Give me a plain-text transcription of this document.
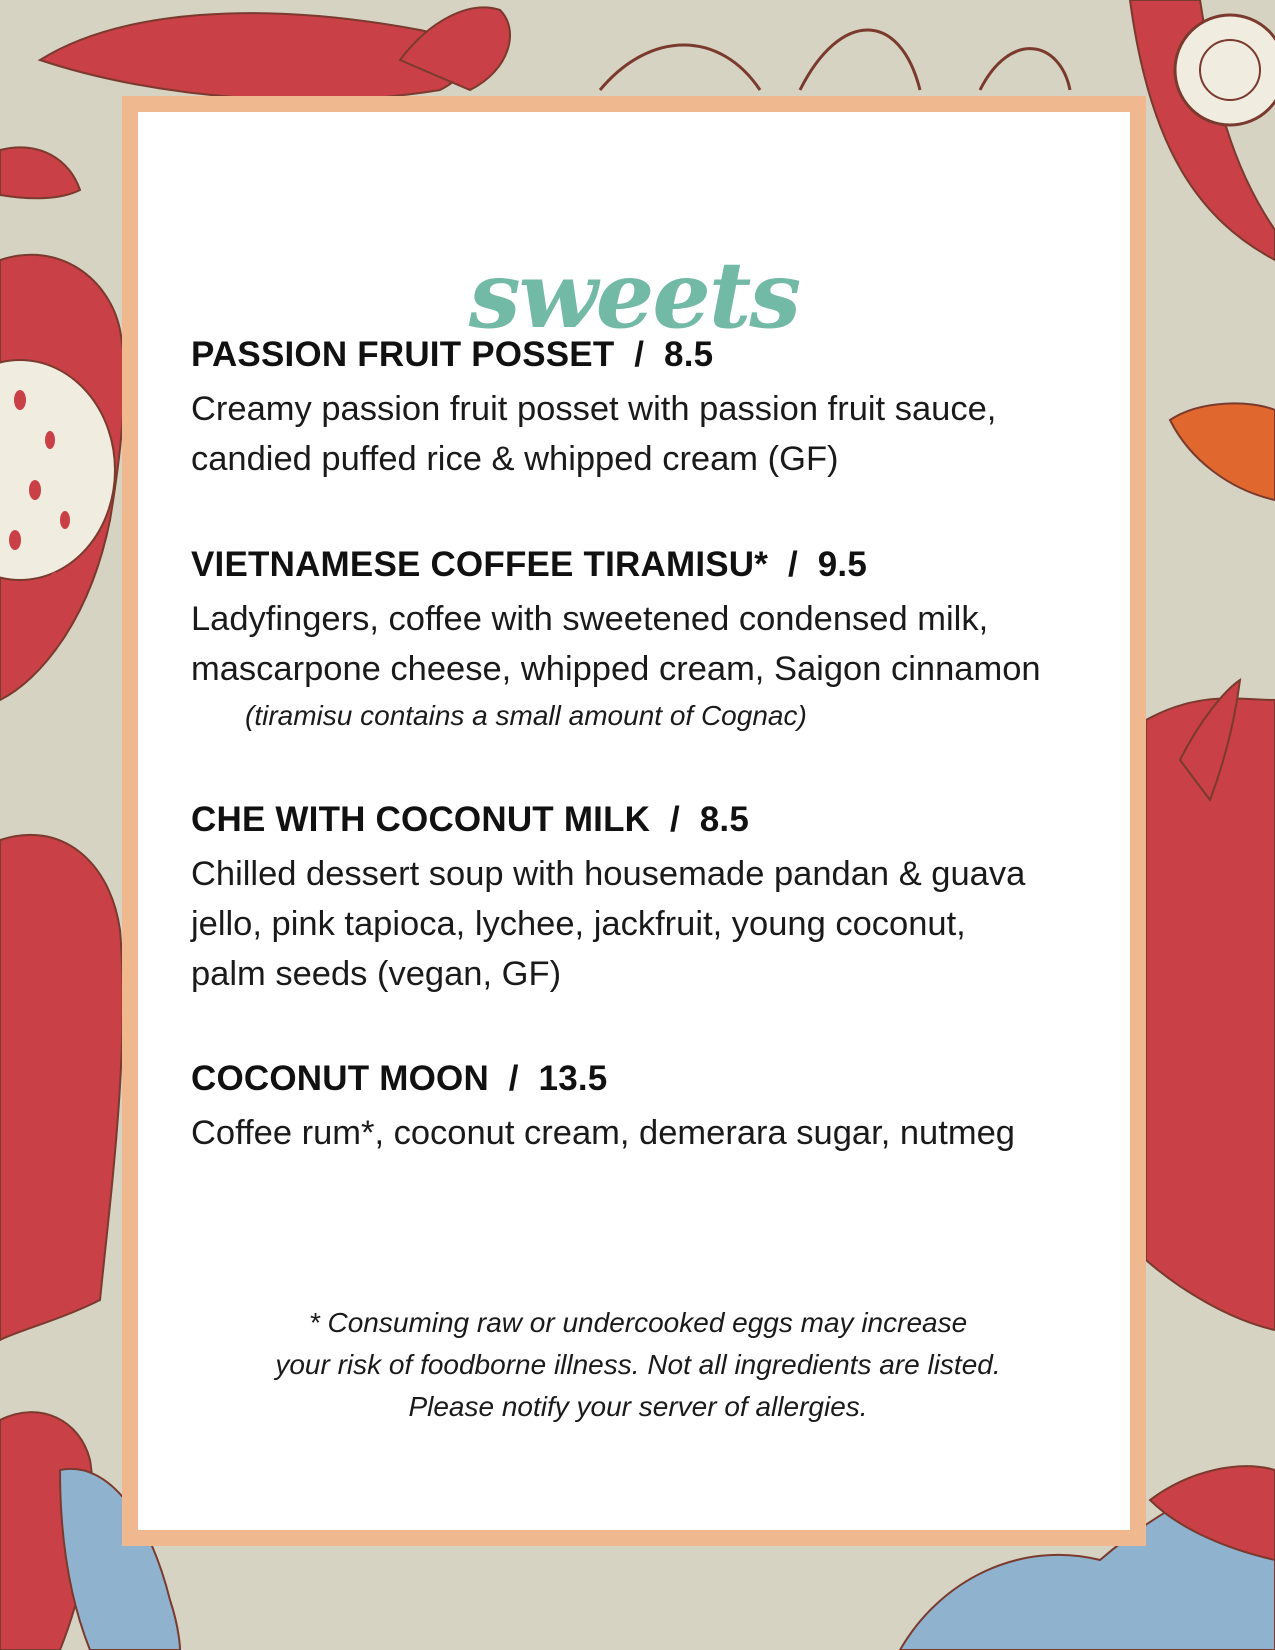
sweets
PASSION FRUIT POSSET  /  8.5
Creamy passion fruit posset with passion fruit sauce,
candied puffed rice & whipped cream (GF)
VIETNAMESE COFFEE TIRAMISU*  /  9.5
Ladyfingers, coffee with sweetened condensed milk,
mascarpone cheese, whipped cream, Saigon cinnamon
(tiramisu contains a small amount of Cognac)
CHE WITH COCONUT MILK  /  8.5
Chilled dessert soup with housemade pandan & guava
jello, pink tapioca, lychee, jackfruit, young coconut,
palm seeds (vegan, GF)
COCONUT MOON  /  13.5
Coffee rum*, coconut cream, demerara sugar, nutmeg
* Consuming raw or undercooked eggs may increase
your risk of foodborne illness. Not all ingredients are listed.
Please notify your server of allergies.
